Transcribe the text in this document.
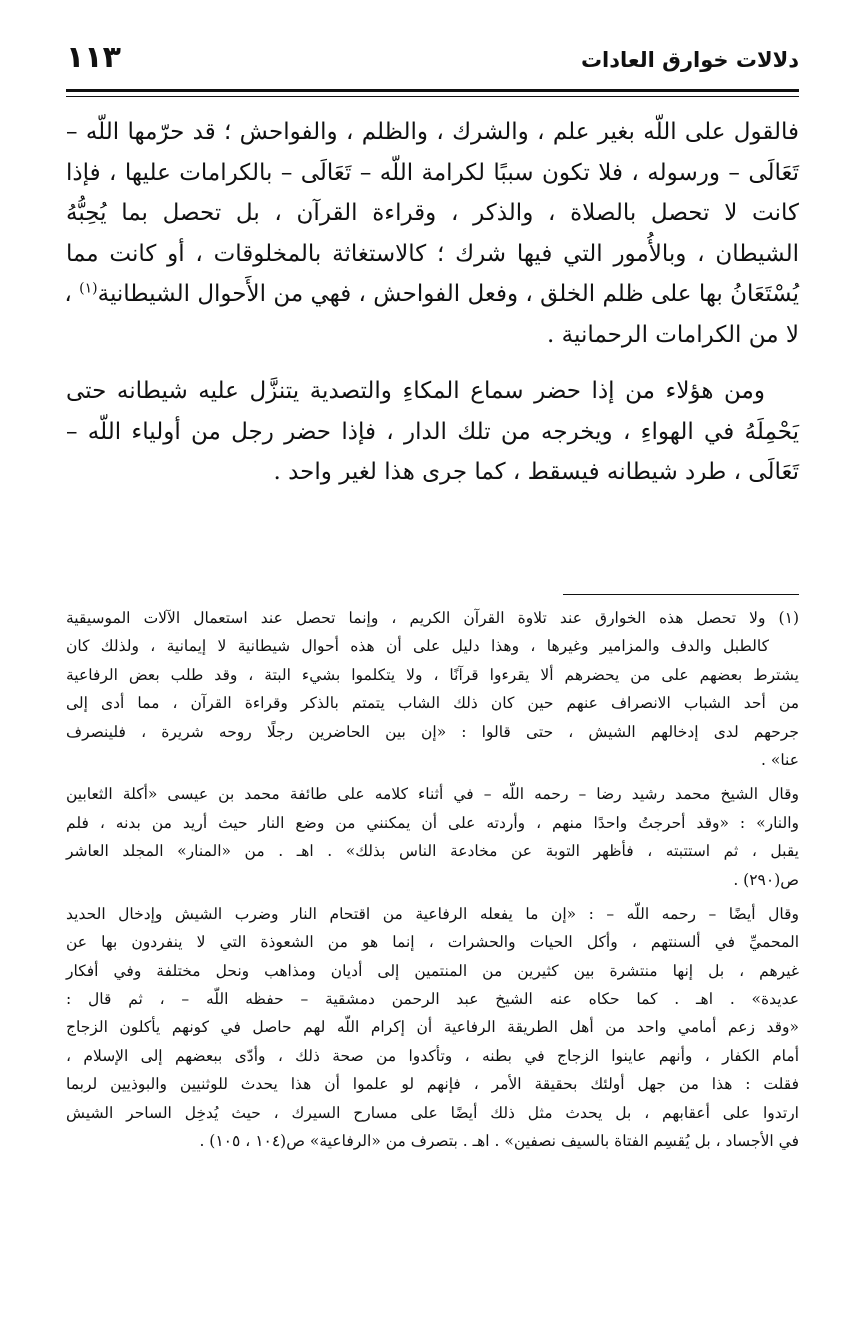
دلالات خوارق العادات
١١٣
فالقول على اللّه بغير علم ، والشرك ، والظلم ، والفواحش ؛ قد حرّمها اللّه –
تَعَالَى – ورسوله ، فلا تكون سببًا لكرامة اللّه – تَعَالَى – بالكرامات عليها ، فإذا
كانت لا تحصل بالصلاة ، والذكر ، وقراءة القرآن ، بل تحصل بما يُحِبُّهُ
الشيطان ، وبالأُمور التي فيها شرك ؛ كالاستغاثة بالمخلوقات ، أو كانت مما
يُسْتَعَانُ بها على ظلم الخلق ، وفعل الفواحش ، فهي من الأَحوال الشيطانية$^{(١)}$ ،
لا من الكرامات الرحمانية .
ومن هؤلاء من إذا حضر سماع المكاءِ والتصدية يتنزَّل عليه شيطانه حتى
يَحْمِلَهُ في الهواءِ ، ويخرجه من تلك الدار ، فإذا حضر رجل من أولياء اللّه –
تَعَالَى ، طرد شيطانه فيسقط ، كما جرى هذا لغير واحد .
(١) ولا تحصل هذه الخوارق عند تلاوة القرآن الكريم ، وإنما تحصل عند استعمال الآلات الموسيقية
كالطبل والدف والمزامير وغيرها ، وهذا دليل على أن هذه أحوال شيطانية لا إيمانية ، ولذلك كان
يشترط بعضهم على من يحضرهم ألا يقرءوا قرآنًا ، ولا يتكلموا بشيء البتة ، وقد طلب بعض الرفاعية
من أحد الشباب الانصراف عنهم حين كان ذلك الشاب يتمتم بالذكر وقراءة القرآن ، مما أدى إلى
جرحهم لدى إدخالهم الشيش ، حتى قالوا : «إن بين الحاضرين رجلًا روحه شريرة ، فلينصرف
عنا» .
وقال الشيخ محمد رشيد رضا – رحمه اللّه – في أثناء كلامه على طائفة محمد بن عيسى «أكلة الثعابين
والنار» : «وقد أحرجتُ واحدًا منهم ، وأردته على أن يمكنني من وضع النار حيث أريد من بدنه ، فلم
يقبل ، ثم استتبته ، فأظهر التوبة عن مخادعة الناس بذلك» . اهـ . من «المنار» المجلد العاشر
ص(٢٩٠) .
وقال أيضًا – رحمه اللّه – : «إن ما يفعله الرفاعية من اقتحام النار وضرب الشيش وإدخال الحديد
المحميِّ في ألسنتهم ، وأكل الحيات والحشرات ، إنما هو من الشعوذة التي لا ينفردون بها عن
غيرهم ، بل إنها منتشرة بين كثيرين من المنتمين إلى أديان ومذاهب ونحل مختلفة وفي أفكار
عديدة» . اهـ . كما حكاه عنه الشيخ عبد الرحمن دمشقية – حفظه اللّه – ، ثم قال :
«وقد زعم أمامي واحد من أهل الطريقة الرفاعية أن إكرام اللّه لهم حاصل في كونهم يأكلون الزجاج
أمام الكفار ، وأنهم عاينوا الزجاج في بطنه ، وتأكدوا من صحة ذلك ، وأدّى ببعضهم إلى الإسلام ،
فقلت : هذا من جهل أولئك بحقيقة الأمر ، فإنهم لو علموا أن هذا يحدث للوثنيين والبوذيين لربما
ارتدوا على أعقابهم ، بل يحدث مثل ذلك أيضًا على مسارح السيرك ، حيث يُدخِل الساحر الشيش
في الأجساد ، بل يُقسِم الفتاة بالسيف نصفين» . اهـ . بتصرف من «الرفاعية» ص(١٠٤ ، ١٠٥) .
